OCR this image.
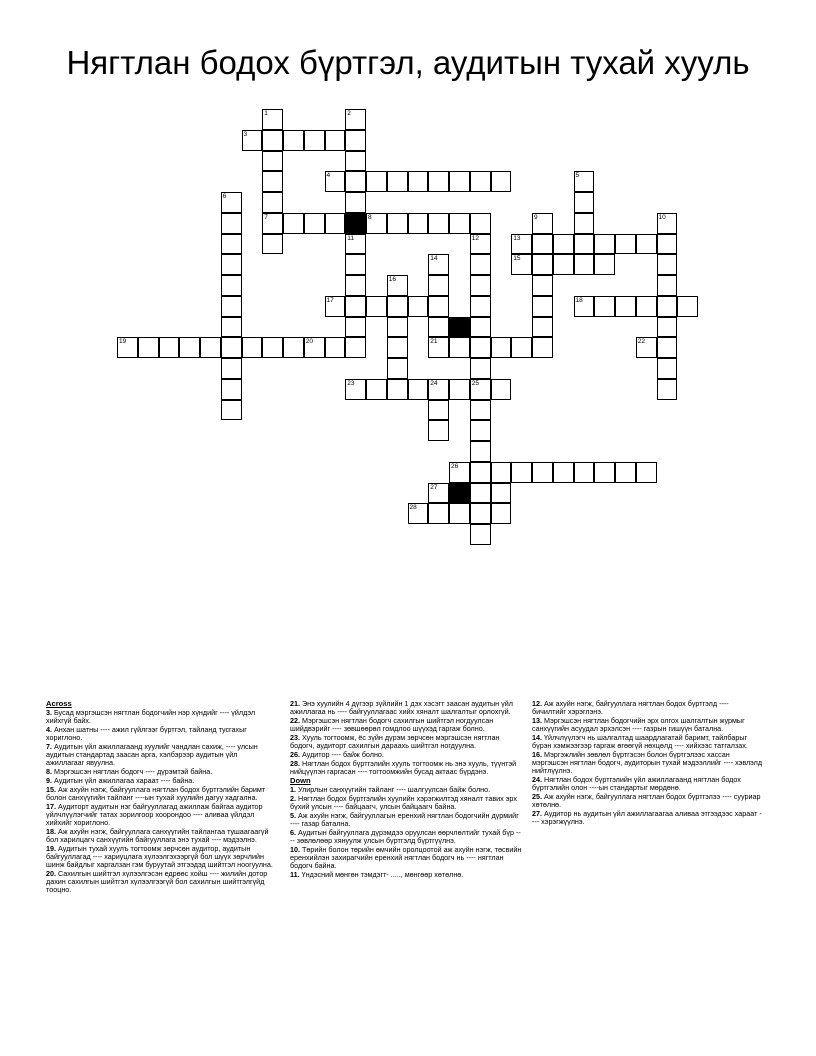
Нягтлан бодох бүртгэл, аудитын тухай хууль
3
4
7	8
13
15
17	18
19	20	21	22
23	24	25
26
27
28
1	2
5
6
9	10
11	12
14
16

Across

3. Бусад мэргэшсэн нягтлан бодогчийн нэр хүндийг ---- үйлдэл хийхгүй байх.

4. Анхан шатны ---- ажил гүйлгээг бүртгэл, тайланд тусгахыг хориглоно.

7. Аудитын үйл ажиллагаанд хуулийг чандлан сахиж, ---- улсын аудитын стандартад заасан арга, хэлбэрээр аудитын үйл ажиллагааг явуулна.

8. Мэргэшсэн нягтлан бодогч ---- дүрэмтэй байна.

9. Аудитын үйл ажиллагаа хараат ---- байна.

15. Аж ахуйн нэгж, байгууллага нягтлан бодох бүртгэлийн баримт болон санхүүгийн тайланг ----ын тухай хуулийн дагуу хадгална.

17. Аудиторт аудитын нэг байгууллагад ажиллаж байгаа аудитор үйлчлүүлэгчийг татах зорилгоор хоорондоо ---- аливаа үйлдэл хийхийг хориглоно.

18. Аж ахуйн нэгж, байгууллага санхүүгийн тайлангаа тушаагаагүй бол харилцагч санхүүгийн байгууллага энэ тухай ---- мэдээлнэ.

19. Аудитын тухай хуулъ тогтоомж зөрчсөн аудитор, аудитын байгууллагад ---- хариуцлага хүлээлгэхээргүй бол шүүх зөрчлийн шинж байдлыг харгалзан гэм буруутай этгээдэд шийтгэл ноогуулна.

20. Сахилгын шийтгэл хүлээлгэсэн едрөөс хойш ---- жилийн дотор дахин сахилгын шийтгэл хүлээлгээгүй бол сахилгын шийтгэлгүйд тооцно.

21. Энэ хуулийн 4 дүгээр зүйлийн 1 дэх хэсэгт заасан аудитын үйл ажиллагаа нь ---- байгууллагаас хийх хяналт шалгалтыг орлохгүй.

22. Мэргэшсэн нягтлан бодогч сахилгын шийтгэл ногдуулсан шийдвэрийг ---- зөвшөөрөл гомдлоо шүүхэд гаргаж болно.

23. Хууль тогтоомж, ёс зүйн дүрэм зөрчсөн мэргэшсэн нягтлан бодогч, аудиторт сахилгын дараахь шийтгэл ногдуулна.

26. Аудитор ---- байж болно.

28. Нягтлан бодох бүртгэлийн хууль тогтоомж нь энэ хууль, түүнтэй нийцүүлэн гаргасан ---- тогтоомжийн бусад актаас бүрдэнэ.

Down

1. Улирлын санхүүгийн тайланг ---- шалгуулсан байж болно.

2. Нягтлан бодох бүртгэлийн хуулийн хэрэгжилтэд хяналт тавих эрх бүхий улсын ---- байцаагч, улсын байцаагч байна.

5. Аж ахуйн нэгж, байгууллагын еренхий нягтлан бодогчийн дүрмийг ---- газар батална.

6. Аудитын байгууллага дүрэмдээ оруулсан өөрчлөлтийг тухай бүр ---- зөвлөлөөр хянуулж улсын бүртгэлд бүртгүүлнэ.

10. Төрийн болон төрийн өмчийн оролцоотой аж ахуйн нэгж, төсвийн еренхийлэн захирагчийн еренхий нягтлан бодогч нь ---- нягтлан бодогч байна.

11. Үндэсний мөнгөн тэмдэгт- ....., мөнгөөр хөтөлнө.

12. Аж ахуйн нэгж, байгууллага нягтлан бодох бүртгэлд ---- бичилтийг хэрэглэнэ.

13. Мэргэшсэн нягтлан бодогчийн эрх олгох шалгалтын журмыг санхүүгийн асуудал эрхэлсэн ---- газрын гишүүн батална.

14. Үйлчлүүлэгч нь шалгалтад шаардлагатай баримт, тайлбарыг бүрэн хэмжээгээр гаргаж өгөөгүй нөхцөлд ---- хийхээс татгалзах.

16. Мэргэжлийн зөвлөл бүртгэсэн болон бүртгэлээс хассан мэргэшсэн нягтлан бодогч, аудиторын тухай мэдээллийг ---- хэвлэлд нийтлүүлнэ.

24. Нягтлан бодох бүртгэлийн үйл ажиллагаанд нягтлан бодох бүртгэлийн олон ----ын стандартыг мөрдөнө.

25. Аж ахуйн нэгж, байгууллага нягтлан бодох бүртгэлээ ---- сууриар хөтөлнө.

27. Аудитор нь аудитын үйл ажиллагаагаа аливаа этгээдээс хараат ---- хэрэгжүүлнэ.
